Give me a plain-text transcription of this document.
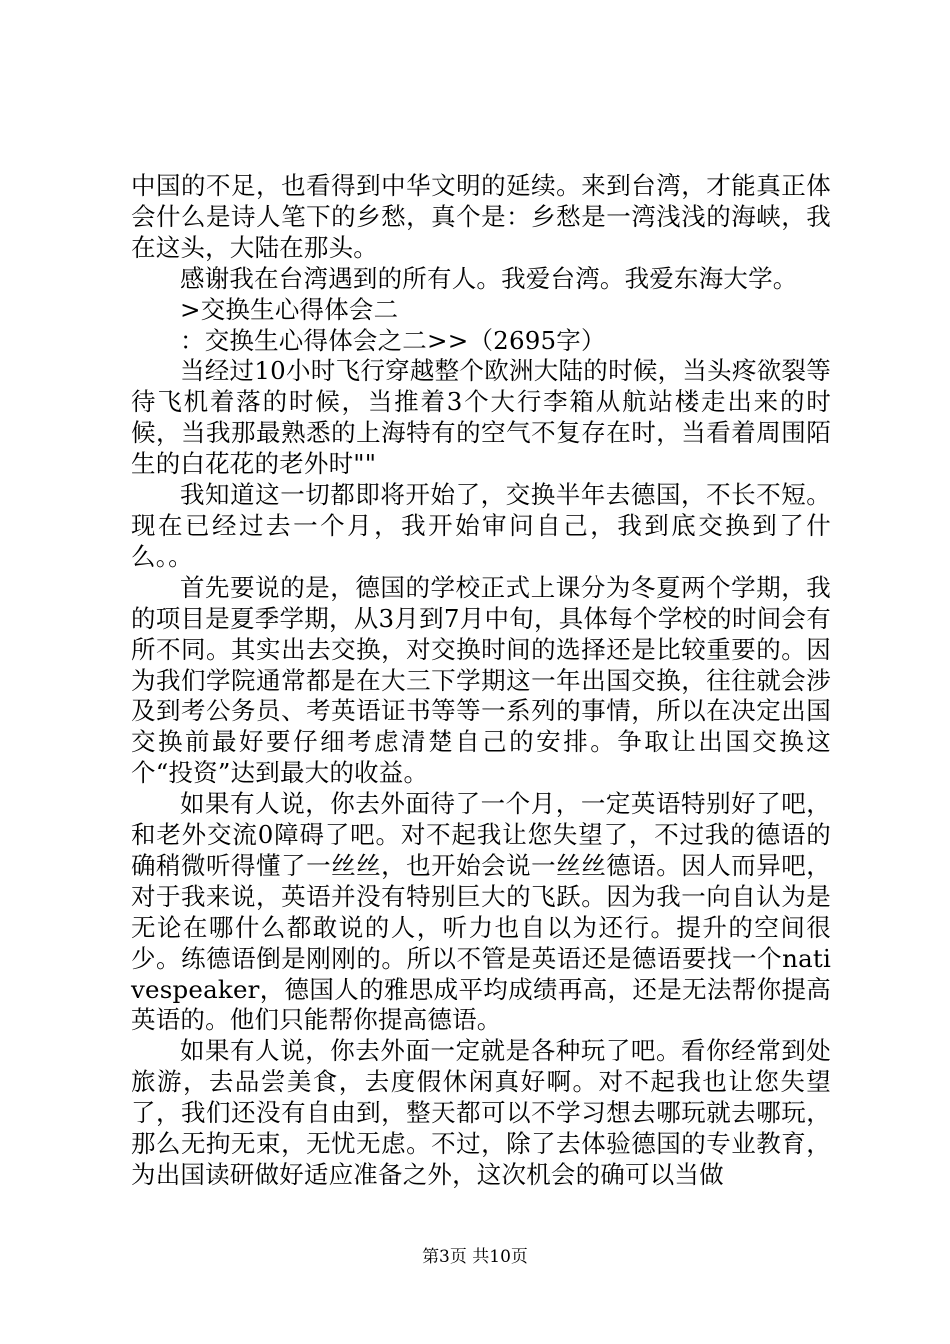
中国的不足，也看得到中华文明的延续。来到台湾，才能真正体会什么是诗人笔下的乡愁，真个是：乡愁是一湾浅浅的海峡，我在这头，大陆在那头。

感谢我在台湾遇到的所有人。我爱台湾。我爱东海大学。

>交换生心得体会二

：交换生心得体会之二>>（2695字）

当经过10小时飞行穿越整个欧洲大陆的时候，当头疼欲裂等待飞机着落的时候，当推着3个大行李箱从航站楼走出来的时候，当我那最熟悉的上海特有的空气不复存在时，当看着周围陌生的白花花的老外时""

我知道这一切都即将开始了，交换半年去德国，不长不短。现在已经过去一个月，我开始审问自己，我到底交换到了什么。。

首先要说的是，德国的学校正式上课分为冬夏两个学期，我的项目是夏季学期，从3月到7月中旬，具体每个学校的时间会有所不同。其实出去交换，对交换时间的选择还是比较重要的。因为我们学院通常都是在大三下学期这一年出国交换，往往就会涉及到考公务员、考英语证书等等一系列的事情，所以在决定出国交换前最好要仔细考虑清楚自己的安排。争取让出国交换这个“投资”达到最大的收益。

如果有人说，你去外面待了一个月，一定英语特别好了吧，和老外交流0障碍了吧。对不起我让您失望了，不过我的德语的确稍微听得懂了一丝丝，也开始会说一丝丝德语。因人而异吧，对于我来说，英语并没有特别巨大的飞跃。因为我一向自认为是无论在哪什么都敢说的人，听力也自以为还行。提升的空间很少。练德语倒是刚刚的。所以不管是英语还是德语要找一个nativespeaker，德国人的雅思成平均成绩再高，还是无法帮你提高英语的。他们只能帮你提高德语。

如果有人说，你去外面一定就是各种玩了吧。看你经常到处旅游，去品尝美食，去度假休闲真好啊。对不起我也让您失望了，我们还没有自由到，整天都可以不学习想去哪玩就去哪玩，那么无拘无束，无忧无虑。不过，除了去体验德国的专业教育，为出国读研做好适应准备之外，这次机会的确可以当做

第3页 共10页
